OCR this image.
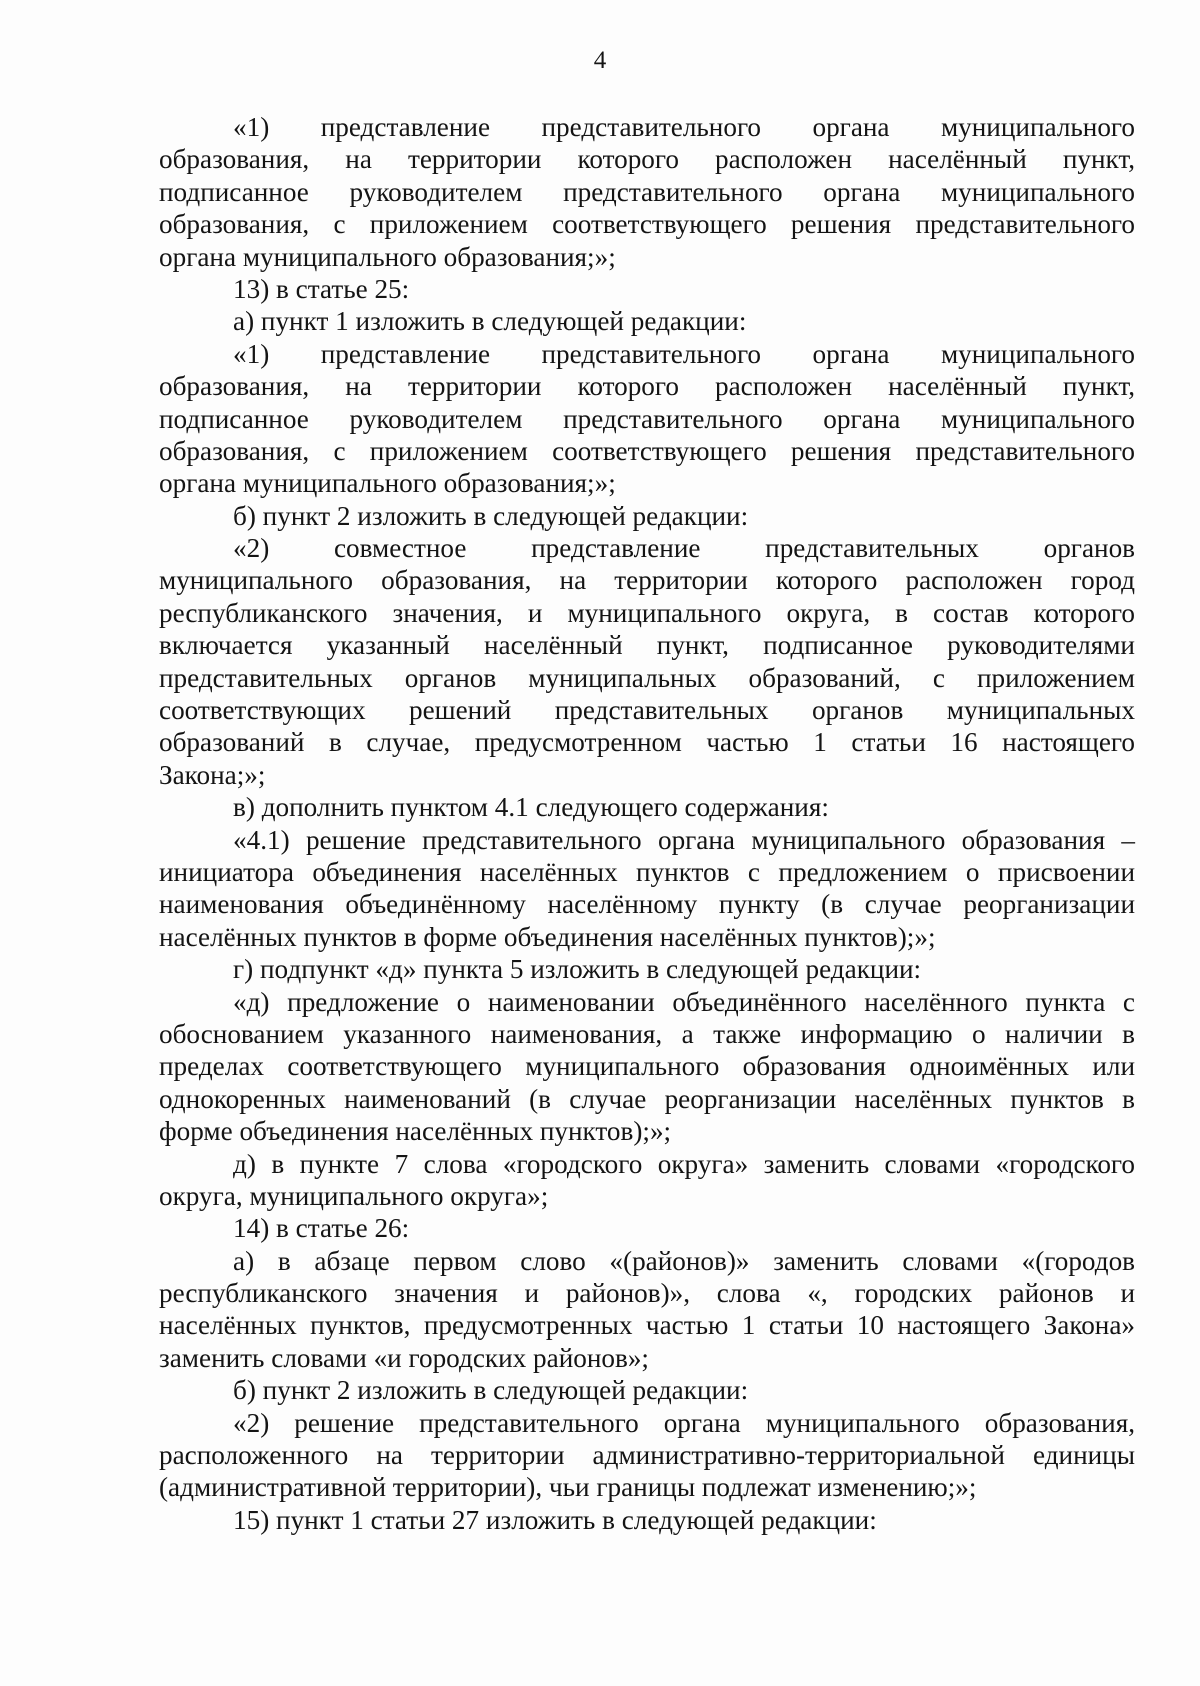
4
«1) представление представительного органа муниципального
образования, на территории которого расположен населённый пункт,
подписанное руководителем представительного органа муниципального
образования, с приложением соответствующего решения представительного
органа муниципального образования;»;
13) в статье 25:
а) пункт 1 изложить в следующей редакции:
«1) представление представительного органа муниципального
образования, на территории которого расположен населённый пункт,
подписанное руководителем представительного органа муниципального
образования, с приложением соответствующего решения представительного
органа муниципального образования;»;
б) пункт 2 изложить в следующей редакции:
«2) совместное представление представительных органов
муниципального образования, на территории которого расположен город
республиканского значения, и муниципального округа, в состав которого
включается указанный населённый пункт, подписанное руководителями
представительных органов муниципальных образований, с приложением
соответствующих решений представительных органов муниципальных
образований в случае, предусмотренном частью 1 статьи 16 настоящего
Закона;»;
в) дополнить пунктом 4.1 следующего содержания:
«4.1) решение представительного органа муниципального образования –
инициатора объединения населённых пунктов с предложением о присвоении
наименования объединённому населённому пункту (в случае реорганизации
населённых пунктов в форме объединения населённых пунктов);»;
г) подпункт «д» пункта 5 изложить в следующей редакции:
«д) предложение о наименовании объединённого населённого пункта с
обоснованием указанного наименования, а также информацию о наличии в
пределах соответствующего муниципального образования одноимённых или
однокоренных наименований (в случае реорганизации населённых пунктов в
форме объединения населённых пунктов);»;
д) в пункте 7 слова «городского округа» заменить словами «городского
округа, муниципального округа»;
14) в статье 26:
а) в абзаце первом слово «(районов)» заменить словами «(городов
республиканского значения и районов)», слова «, городских районов и
населённых пунктов, предусмотренных частью 1 статьи 10 настоящего Закона»
заменить словами «и городских районов»;
б) пункт 2 изложить в следующей редакции:
«2) решение представительного органа муниципального образования,
расположенного на территории административно-территориальной единицы
(административной территории), чьи границы подлежат изменению;»;
15) пункт 1 статьи 27 изложить в следующей редакции:
